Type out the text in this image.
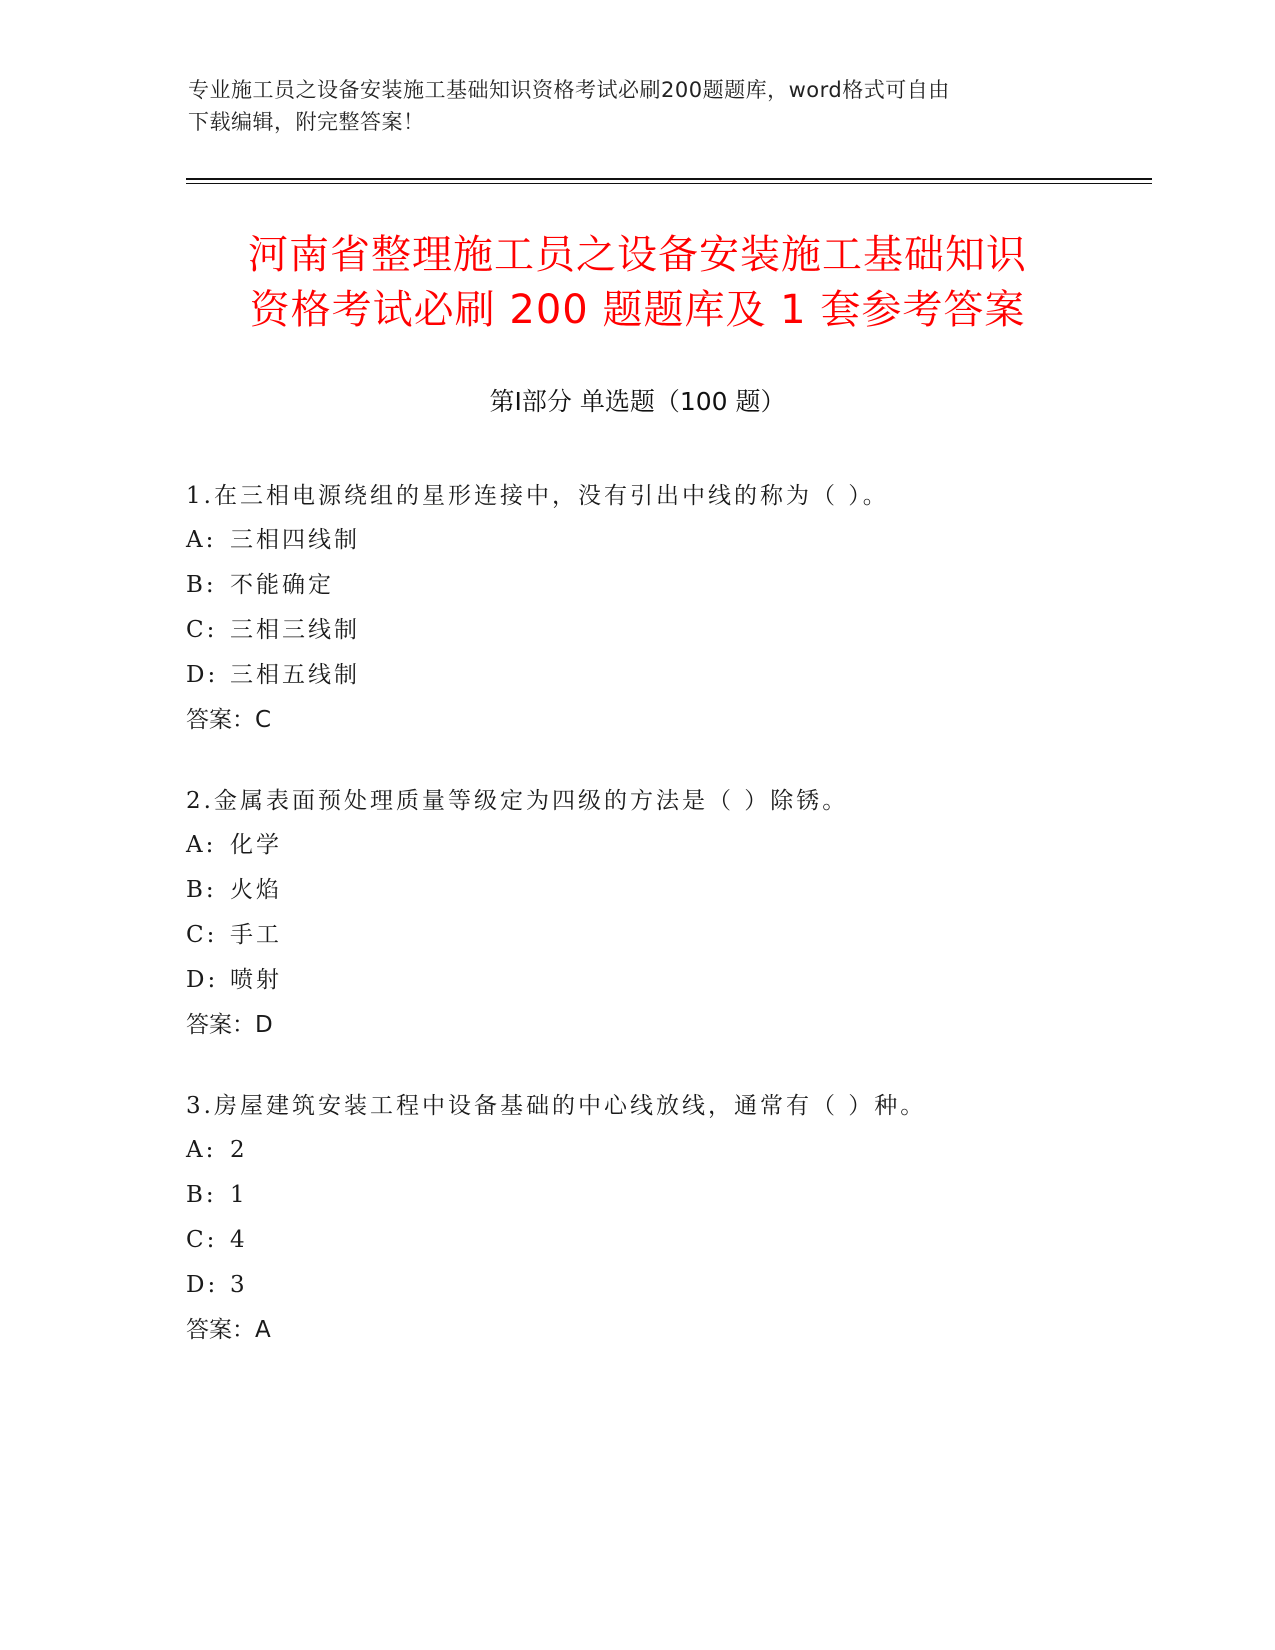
专业施工员之设备安装施工基础知识资格考试必刷200题题库，word格式可自由
下载编辑，附完整答案！
河南省整理施工员之设备安装施工基础知识
资格考试必刷 200 题题库及 1 套参考答案
第Ⅰ部分 单选题（100 题）
1.在三相电源绕组的星形连接中，没有引出中线的称为（ ）。
A: 三相四线制
B: 不能确定
C: 三相三线制
D: 三相五线制
答案：C
2.金属表面预处理质量等级定为四级的方法是（ ）除锈。
A: 化学
B: 火焰
C: 手工
D: 喷射
答案：D
3.房屋建筑安装工程中设备基础的中心线放线，通常有（ ）种。
A: 2
B: 1
C: 4
D: 3
答案：A
